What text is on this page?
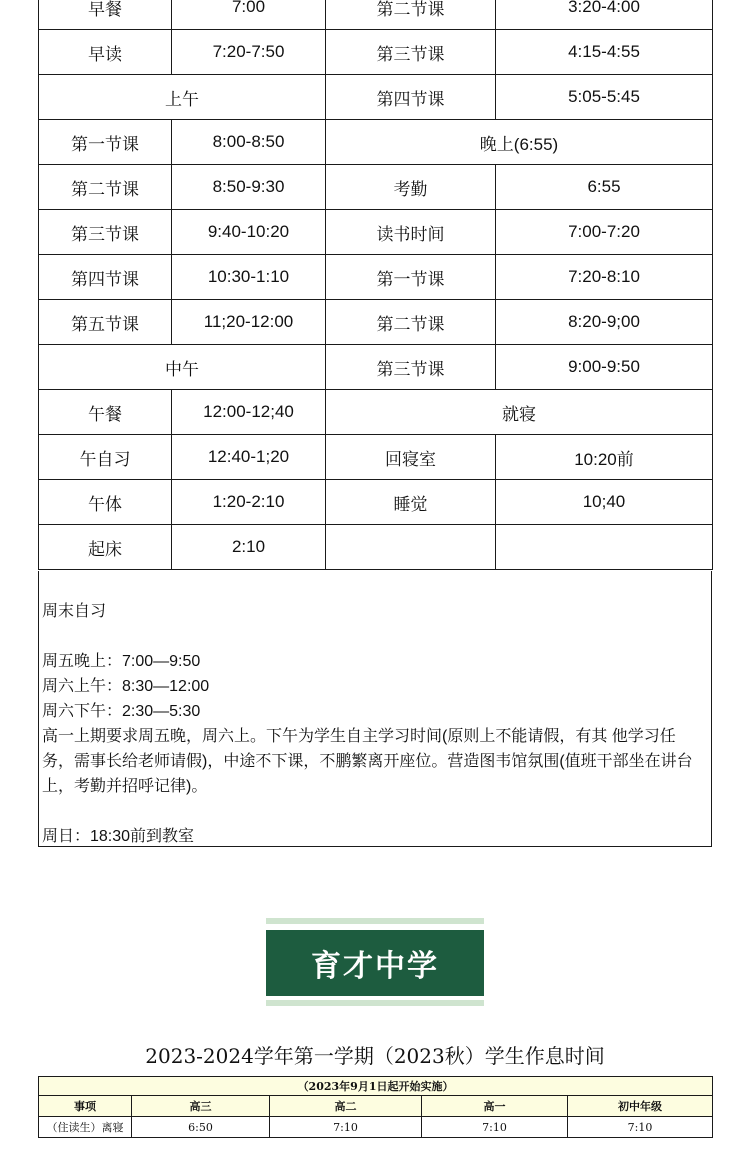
早餐	7:00	第二节课	3:20-4:00
早读	7:20-7:50	第三节课	4:15-4:55
上午		第四节课	5:05-5:45
第一节课	8:00-8:50	晚上(6:55)	
第二节课	8:50-9:30	考勤	6:55
第三节课	9:40-10:20	读书时间	7:00-7:20
第四节课	10:30-1:10	第一节课	7:20-8:10
第五节课	11;20-12:00	第二节课	8:20-9;00
中午		第三节课	9:00-9:50
午餐	12:00-12;40	就寝	
午自习	12:40-1;20	回寝室	10:20前
午体	1:20-2:10	睡觉	10;40
起床	2:10		
周末自习
周五晚上：7:00—9:50
周六上午：8:30—12:00
周六下午：2:30—5:30
高一上期要求周五晚，周六上。下午为学生自主学习时间(原则上不能请假，有其 他学习任务，需事长给老师请假)，中途不下课，不鹏繁离开座位。营造图韦馆氛围(值班干部坐在讲台上，考勤并招呼记律)。
周日：18:30前到教室
育才中学
2023-2024学年第一学期（2023秋）学生作息时间
（2023年9月1日起开始实施）				
事项	高三	高二	高一	初中年级
（住读生）离寝	6:50	7:10	7:10	7:10
